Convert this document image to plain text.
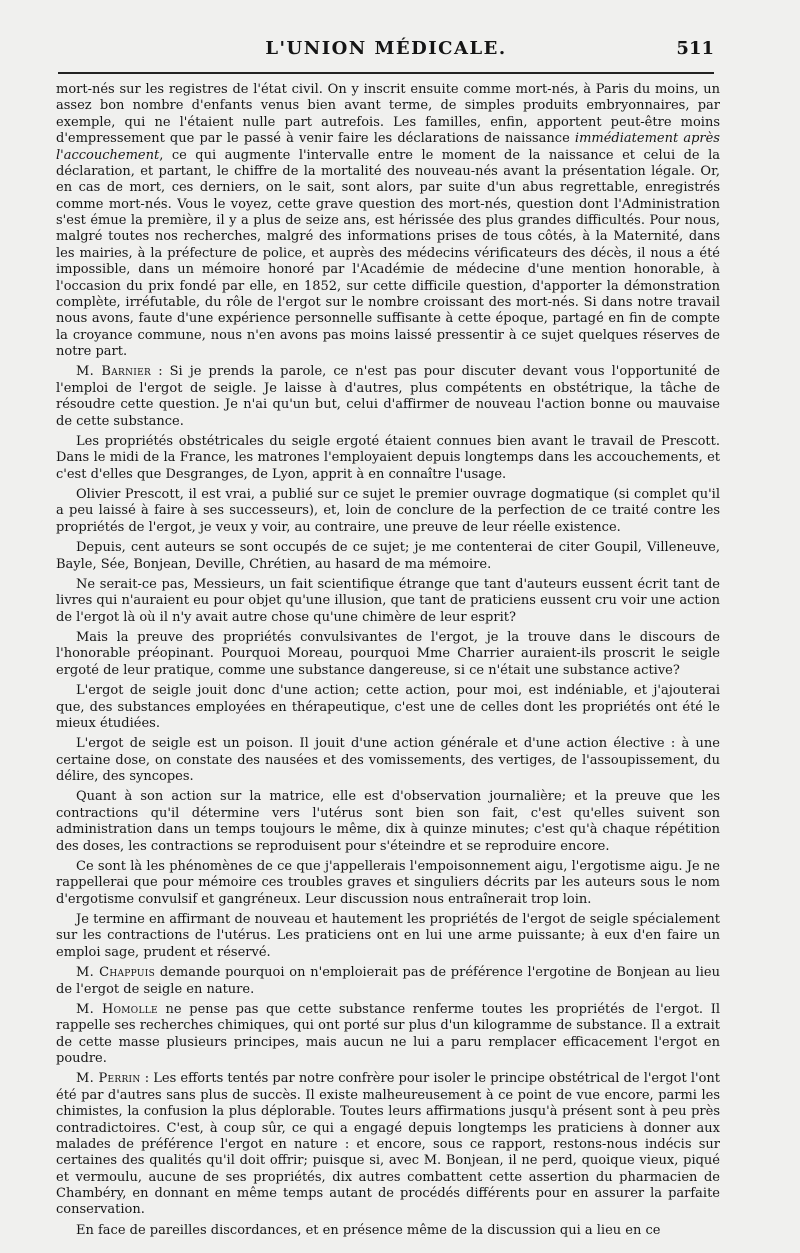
L'UNION MÉDICALE.	511

mort-nés sur les registres de l'état civil. On y inscrit ensuite comme mort-nés, à Paris du moins, un assez bon nombre d'enfants venus bien avant terme, de simples produits embryonnaires, par exemple, qui ne l'étaient nulle part autrefois. Les familles, enfin, apportent peut-être moins d'empressement que par le passé à venir faire les déclarations de naissance immédiatement après l'accouchement, ce qui augmente l'intervalle entre le moment de la naissance et celui de la déclaration, et partant, le chiffre de la mortalité des nouveau-nés avant la présentation légale. Or, en cas de mort, ces derniers, on le sait, sont alors, par suite d'un abus regrettable, enregistrés comme mort-nés. Vous le voyez, cette grave question des mort-nés, question dont l'Administration s'est émue la première, il y a plus de seize ans, est hérissée des plus grandes difficultés. Pour nous, malgré toutes nos recherches, malgré des informations prises de tous côtés, à la Maternité, dans les mairies, à la préfecture de police, et auprès des médecins vérificateurs des décès, il nous a été impossible, dans un mémoire honoré par l'Académie de médecine d'une mention honorable, à l'occasion du prix fondé par elle, en 1852, sur cette difficile question, d'apporter la démonstration complète, irréfutable, du rôle de l'ergot sur le nombre croissant des mort-nés. Si dans notre travail nous avons, faute d'une expérience personnelle suffisante à cette époque, partagé en fin de compte la croyance commune, nous n'en avons pas moins laissé pressentir à ce sujet quelques réserves de notre part.

M. Barnier : Si je prends la parole, ce n'est pas pour discuter devant vous l'opportunité de l'emploi de l'ergot de seigle. Je laisse à d'autres, plus compétents en obstétrique, la tâche de résoudre cette question. Je n'ai qu'un but, celui d'affirmer de nouveau l'action bonne ou mauvaise de cette substance.

Les propriétés obstétricales du seigle ergoté étaient connues bien avant le travail de Prescott. Dans le midi de la France, les matrones l'employaient depuis longtemps dans les accouchements, et c'est d'elles que Desgranges, de Lyon, apprit à en connaître l'usage.

Olivier Prescott, il est vrai, a publié sur ce sujet le premier ouvrage dogmatique (si complet qu'il a peu laissé à faire à ses successeurs), et, loin de conclure de la perfection de ce traité contre les propriétés de l'ergot, je veux y voir, au contraire, une preuve de leur réelle existence.

Depuis, cent auteurs se sont occupés de ce sujet; je me contenterai de citer Goupil, Villeneuve, Bayle, Sée, Bonjean, Deville, Chrétien, au hasard de ma mémoire.

Ne serait-ce pas, Messieurs, un fait scientifique étrange que tant d'auteurs eussent écrit tant de livres qui n'auraient eu pour objet qu'une illusion, que tant de praticiens eussent cru voir une action de l'ergot là où il n'y avait autre chose qu'une chimère de leur esprit?

Mais la preuve des propriétés convulsivantes de l'ergot, je la trouve dans le discours de l'honorable préopinant. Pourquoi Moreau, pourquoi Mme Charrier auraient-ils proscrit le seigle ergoté de leur pratique, comme une substance dangereuse, si ce n'était une substance active?

L'ergot de seigle jouit donc d'une action; cette action, pour moi, est indéniable, et j'ajouterai que, des substances employées en thérapeutique, c'est une de celles dont les propriétés ont été le mieux étudiées.

L'ergot de seigle est un poison. Il jouit d'une action générale et d'une action élective : à une certaine dose, on constate des nausées et des vomissements, des vertiges, de l'assoupissement, du délire, des syncopes.

Quant à son action sur la matrice, elle est d'observation journalière; et la preuve que les contractions qu'il détermine vers l'utérus sont bien son fait, c'est qu'elles suivent son administration dans un temps toujours le même, dix à quinze minutes; c'est qu'à chaque répétition des doses, les contractions se reproduisent pour s'éteindre et se reproduire encore.

Ce sont là les phénomènes de ce que j'appellerais l'empoisonnement aigu, l'ergotisme aigu. Je ne rappellerai que pour mémoire ces troubles graves et singuliers décrits par les auteurs sous le nom d'ergotisme convulsif et gangréneux. Leur discussion nous entraînerait trop loin.

Je termine en affirmant de nouveau et hautement les propriétés de l'ergot de seigle spécialement sur les contractions de l'utérus. Les praticiens ont en lui une arme puissante; à eux d'en faire un emploi sage, prudent et réservé.

M. Chappuis demande pourquoi on n'emploierait pas de préférence l'ergotine de Bonjean au lieu de l'ergot de seigle en nature.

M. Homolle ne pense pas que cette substance renferme toutes les propriétés de l'ergot. Il rappelle ses recherches chimiques, qui ont porté sur plus d'un kilogramme de substance. Il a extrait de cette masse plusieurs principes, mais aucun ne lui a paru remplacer efficacement l'ergot en poudre.

M. Perrin : Les efforts tentés par notre confrère pour isoler le principe obstétrical de l'ergot l'ont été par d'autres sans plus de succès. Il existe malheureusement à ce point de vue encore, parmi les chimistes, la confusion la plus déplorable. Toutes leurs affirmations jusqu'à présent sont à peu près contradictoires. C'est, à coup sûr, ce qui a engagé depuis longtemps les praticiens à donner aux malades de préférence l'ergot en nature : et encore, sous ce rapport, restons-nous indécis sur certaines des qualités qu'il doit offrir; puisque si, avec M. Bonjean, il ne perd, quoique vieux, piqué et vermoulu, aucune de ses propriétés, dix autres combattent cette assertion du pharmacien de Chambéry, en donnant en même temps autant de procédés différents pour en assurer la parfaite conservation.

En face de pareilles discordances, et en présence même de la discussion qui a lieu en ce
